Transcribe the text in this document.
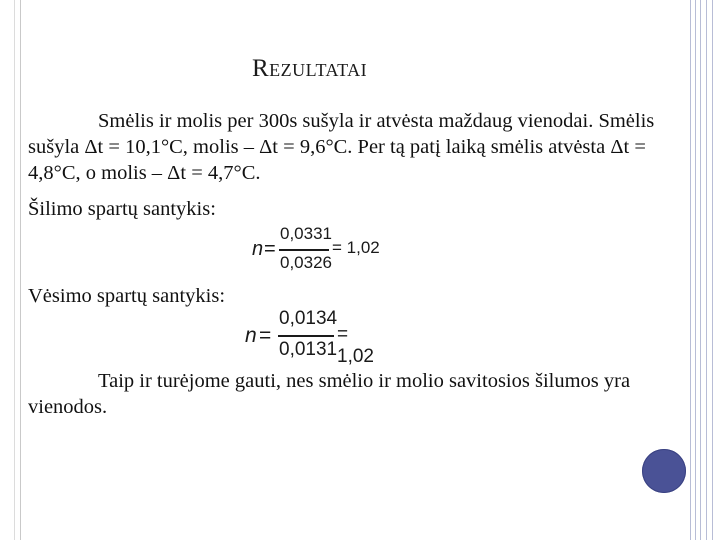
Rezultatai

Smėlis ir molis per 300s sušyla ir atvėsta maždaug vienodai. Smėlis sušyla Δt = 10,1°C, molis – Δt = 9,6°C. Per tą patį laiką smėlis atvėsta Δt = 4,8°C, o molis – Δt = 4,7°C.

Šilimo spartų santykis:

n =
0,0331
0,0326
= 1,02

Vėsimo spartų santykis:

n =
0,0134
0,0131
= 1,02

Taip ir turėjome gauti, nes smėlio ir molio savitosios šilumos yra vienodos.
